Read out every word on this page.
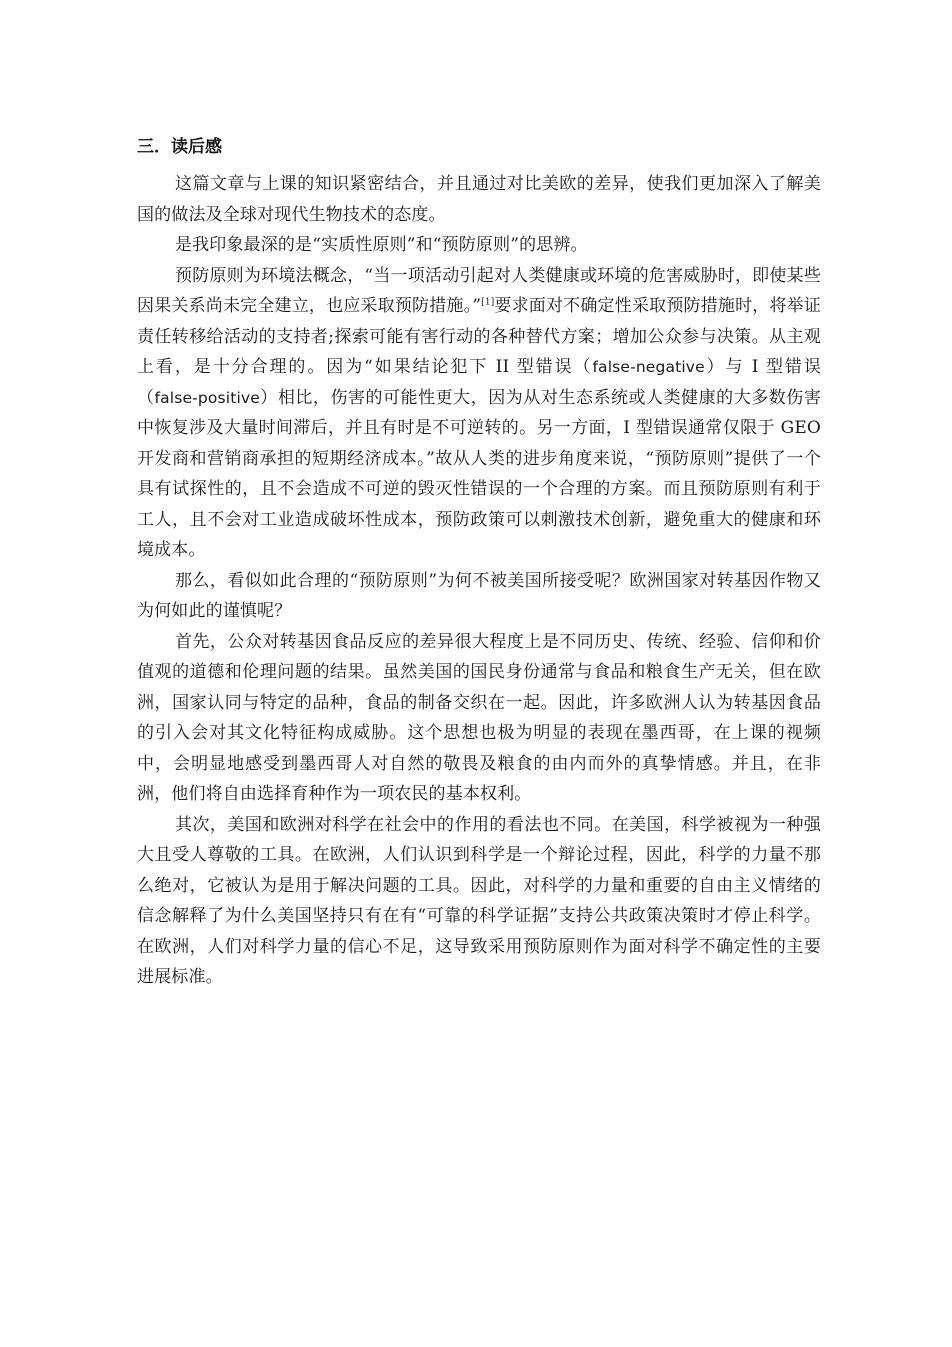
三．读后感

这篇文章与上课的知识紧密结合，并且通过对比美欧的差异，使我们更加深入了解美国的做法及全球对现代生物技术的态度。

是我印象最深的是“实质性原则”和“预防原则”的思辨。

预防原则为环境法概念，“当一项活动引起对人类健康或环境的危害威胁时，即使某些因果关系尚未完全建立，也应采取预防措施。”[1]要求面对不确定性采取预防措施时，将举证责任转移给活动的支持者;探索可能有害行动的各种替代方案；增加公众参与决策。从主观上看，是十分合理的。因为“如果结论犯下 II 型错误（false-negative）与 I 型错误（false-positive）相比，伤害的可能性更大，因为从对生态系统或人类健康的大多数伤害中恢复涉及大量时间滞后，并且有时是不可逆转的。另一方面，I 型错误通常仅限于 GEO 开发商和营销商承担的短期经济成本。”故从人类的进步角度来说，“预防原则”提供了一个具有试探性的，且不会造成不可逆的毁灭性错误的一个合理的方案。而且预防原则有利于工人，且不会对工业造成破坏性成本，预防政策可以刺激技术创新，避免重大的健康和环境成本。

那么，看似如此合理的“预防原则”为何不被美国所接受呢？欧洲国家对转基因作物又为何如此的谨慎呢？

首先，公众对转基因食品反应的差异很大程度上是不同历史、传统、经验、信仰和价值观的道德和伦理问题的结果。虽然美国的国民身份通常与食品和粮食生产无关，但在欧洲，国家认同与特定的品种，食品的制备交织在一起。因此，许多欧洲人认为转基因食品的引入会对其文化特征构成威胁。这个思想也极为明显的表现在墨西哥，在上课的视频中，会明显地感受到墨西哥人对自然的敬畏及粮食的由内而外的真挚情感。并且，在非洲，他们将自由选择育种作为一项农民的基本权利。

其次，美国和欧洲对科学在社会中的作用的看法也不同。在美国，科学被视为一种强大且受人尊敬的工具。在欧洲，人们认识到科学是一个辩论过程，因此，科学的力量不那么绝对，它被认为是用于解决问题的工具。因此，对科学的力量和重要的自由主义情绪的信念解释了为什么美国坚持只有在有“可靠的科学证据”支持公共政策决策时才停止科学。在欧洲，人们对科学力量的信心不足，这导致采用预防原则作为面对科学不确定性的主要进展标准。
